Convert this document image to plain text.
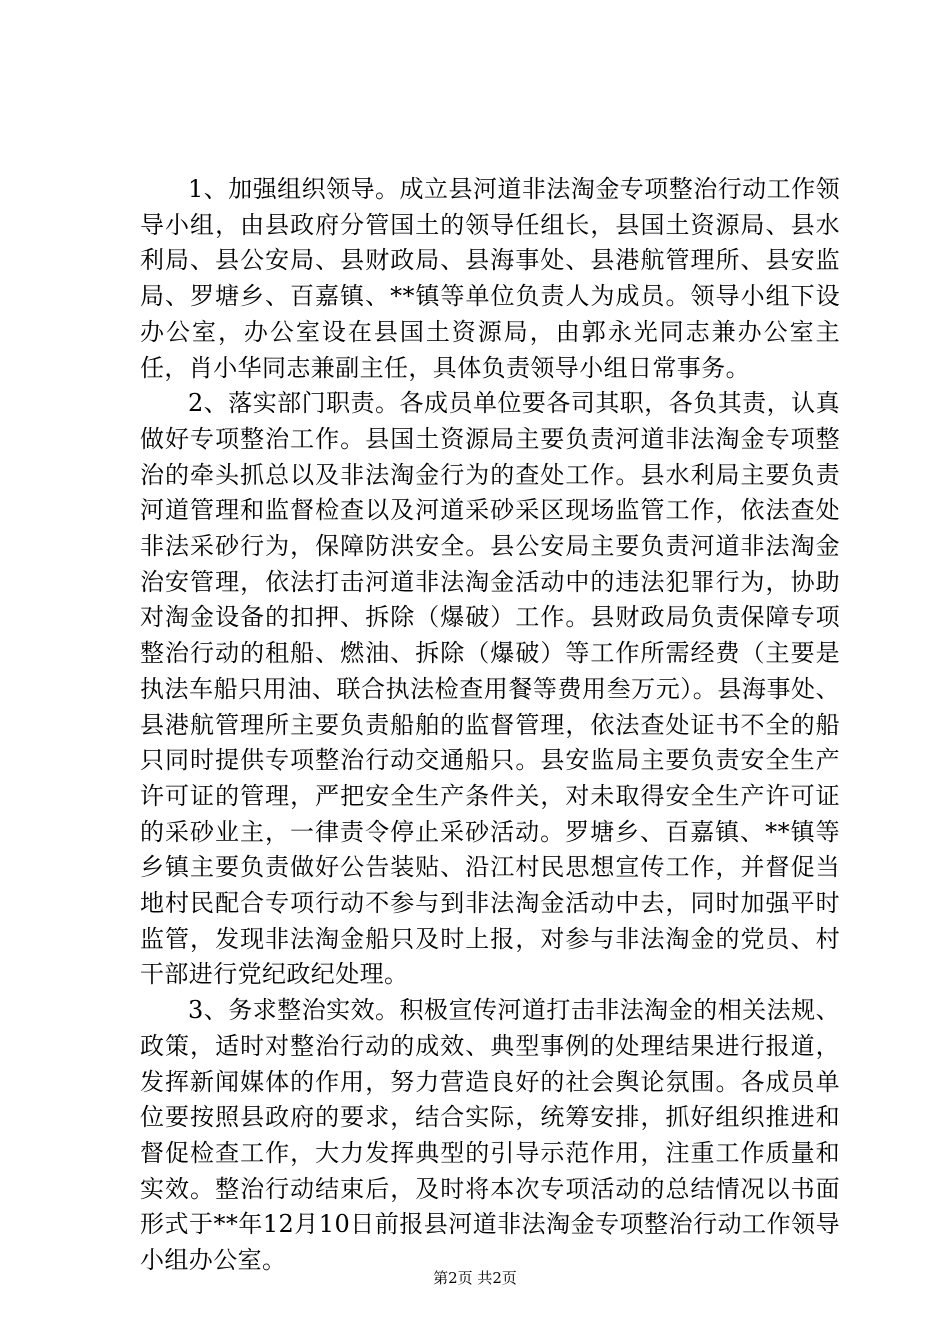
1、加强组织领导。成立县河道非法淘金专项整治行动工作领导小组，由县政府分管国土的领导任组长，县国土资源局、县水利局、县公安局、县财政局、县海事处、县港航管理所、县安监局、罗塘乡、百嘉镇、**镇等单位负责人为成员。领导小组下设办公室，办公室设在县国土资源局，由郭永光同志兼办公室主任，肖小华同志兼副主任，具体负责领导小组日常事务。

2、落实部门职责。各成员单位要各司其职，各负其责，认真做好专项整治工作。县国土资源局主要负责河道非法淘金专项整治的牵头抓总以及非法淘金行为的查处工作。县水利局主要负责河道管理和监督检查以及河道采砂采区现场监管工作，依法查处非法采砂行为，保障防洪安全。县公安局主要负责河道非法淘金治安管理，依法打击河道非法淘金活动中的违法犯罪行为，协助对淘金设备的扣押、拆除（爆破）工作。县财政局负责保障专项整治行动的租船、燃油、拆除（爆破）等工作所需经费（主要是执法车船只用油、联合执法检查用餐等费用叁万元）。县海事处、县港航管理所主要负责船舶的监督管理，依法查处证书不全的船只同时提供专项整治行动交通船只。县安监局主要负责安全生产许可证的管理，严把安全生产条件关，对未取得安全生产许可证的采砂业主，一律责令停止采砂活动。罗塘乡、百嘉镇、**镇等乡镇主要负责做好公告装贴、沿江村民思想宣传工作，并督促当地村民配合专项行动不参与到非法淘金活动中去，同时加强平时监管，发现非法淘金船只及时上报，对参与非法淘金的党员、村干部进行党纪政纪处理。

3、务求整治实效。积极宣传河道打击非法淘金的相关法规、政策，适时对整治行动的成效、典型事例的处理结果进行报道，发挥新闻媒体的作用，努力营造良好的社会舆论氛围。各成员单位要按照县政府的要求，结合实际，统筹安排，抓好组织推进和督促检查工作，大力发挥典型的引导示范作用，注重工作质量和实效。整治行动结束后，及时将本次专项活动的总结情况以书面形式于**年12月10日前报县河道非法淘金专项整治行动工作领导小组办公室。

第2页 共2页
